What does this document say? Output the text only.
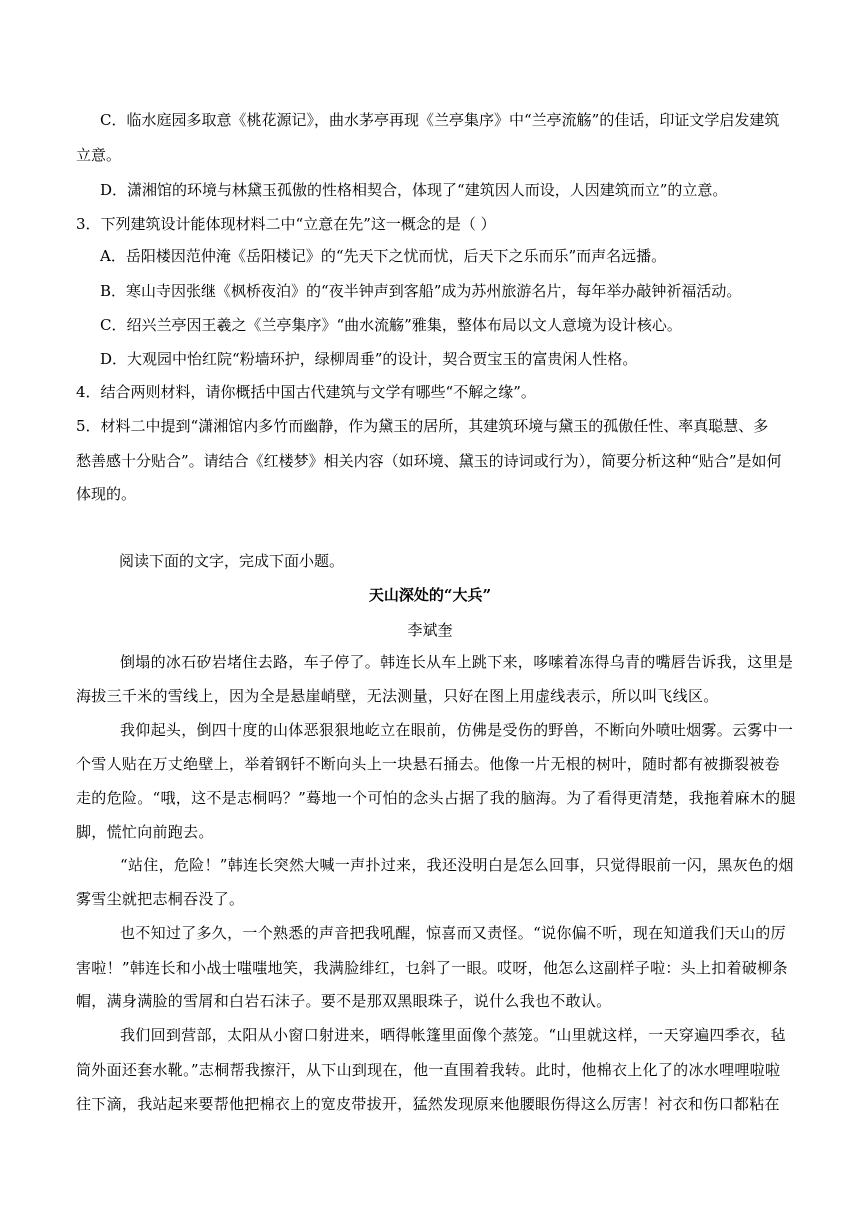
C．临水庭园多取意《桃花源记》，曲水茅亭再现《兰亭集序》中“兰亭流觞”的佳话，印证文学启发建筑
立意。
D．潇湘馆的环境与林黛玉孤傲的性格相契合，体现了“建筑因人而设，人因建筑而立”的立意。
3．下列建筑设计能体现材料二中“立意在先”这一概念的是（ ）
A．岳阳楼因范仲淹《岳阳楼记》的“先天下之忧而忧，后天下之乐而乐”而声名远播。
B．寒山寺因张继《枫桥夜泊》的“夜半钟声到客船”成为苏州旅游名片，每年举办敲钟祈福活动。
C．绍兴兰亭因王羲之《兰亭集序》“曲水流觞”雅集，整体布局以文人意境为设计核心。
D．大观园中怡红院“粉墙环护，绿柳周垂”的设计，契合贾宝玉的富贵闲人性格。
4．结合两则材料，请你概括中国古代建筑与文学有哪些“不解之缘”。
5．材料二中提到“潇湘馆内多竹而幽静，作为黛玉的居所，其建筑环境与黛玉的孤傲任性、率真聪慧、多
愁善感十分贴合”。请结合《红楼梦》相关内容（如环境、黛玉的诗词或行为），简要分析这种“贴合”是如何
体现的。
阅读下面的文字，完成下面小题。
天山深处的“大兵”
李斌奎
倒塌的冰石矽岩堵住去路，车子停了。韩连长从车上跳下来，哆嗦着冻得乌青的嘴唇告诉我，这里是
海拔三千米的雪线上，因为全是悬崖峭壁，无法测量，只好在图上用虚线表示，所以叫飞线区。
我仰起头，倒四十度的山体恶狠狠地屹立在眼前，仿佛是受伤的野兽，不断向外喷吐烟雾。云雾中一
个雪人贴在万丈绝壁上，举着钢钎不断向头上一块悬石捅去。他像一片无根的树叶，随时都有被撕裂被卷
走的危险。“哦，这不是志桐吗？”蓦地一个可怕的念头占据了我的脑海。为了看得更清楚，我拖着麻木的腿
脚，慌忙向前跑去。
“站住，危险！”韩连长突然大喊一声扑过来，我还没明白是怎么回事，只觉得眼前一闪，黑灰色的烟
雾雪尘就把志桐吞没了。
也不知过了多久，一个熟悉的声音把我吼醒，惊喜而又责怪。“说你偏不听，现在知道我们天山的厉
害啦！”韩连长和小战士嗤嗤地笑，我满脸绯红，乜斜了一眼。哎呀，他怎么这副样子啦：头上扣着破柳条
帽，满身满脸的雪屑和白岩石沫子。要不是那双黑眼珠子，说什么我也不敢认。
我们回到营部，太阳从小窗口射进来，晒得帐篷里面像个蒸笼。“山里就这样，一天穿遍四季衣，毡
筒外面还套水靴。”志桐帮我擦汗，从下山到现在，他一直围着我转。此时，他棉衣上化了的冰水哩哩啦啦
往下滴，我站起来要帮他把棉衣上的宽皮带拔开，猛然发现原来他腰眼伤得这么厉害！衬衣和伤口都粘在
